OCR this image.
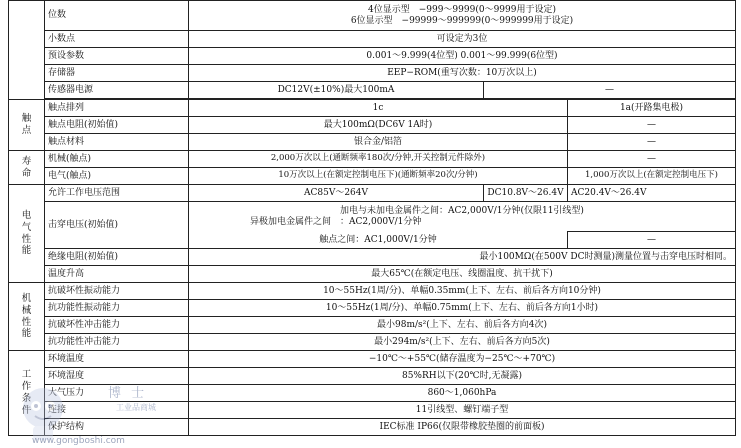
	位数	4位显示型　−999～9999(0～9999用于设定)
6位显示型　−99999～999999(0～999999用于设定)		

	小数点	可设定为3位		
	预设参数	0.001～9.999(4位型) 0.001～99.999(6位型)		
	存储器	EEP−ROM(重写次数：10万次以上)		
	传感器电源	DC12V(±10%)最大100mA	—	

触
点	触点排列	1c		1a(开路集电极)
	触点电阻(初始值)	最大100mΩ(DC6V 1A时)		—
	触点材料	银合金/铝箔		—

寿
命	机械(触点)	2,000万次以上(通断频率180次/分钟,开关控制元件除外)		—
	电气(触点)	10万次以上(在额定控制电压下)(通断频率20次/分钟)		1,000万次以上(在额定控制电压下)

电
气
性
能	允许工作电压范围	AC85V～264V	DC10.8V～26.4V	AC20.4V～26.4V
	击穿电压(初始值)	加电与未加电金属件之间：AC2,000V/1分钟(仅限11引线型)
异极加电金属件之间　：AC2,000V/1分钟		

		触点之间：AC1,000V/1分钟		—
	绝缘电阻(初始值)	最小100MΩ(在500V DC时测量)测量位置与击穿电压时相同。		
	温度升高	最大65℃(在额定电压、线圈温度、抗干扰下)		

机
械
性
能	抗破坏性振动能力	10～55Hz(1周/分)、单幅0.35mm(上下、左右、前后各方向10分钟)		
	抗功能性振动能力	10～55Hz(1周/分)、单幅0.75mm(上下、左右、前后各方向1小时)		
	抗破坏性冲击能力	最小98m/s²(上下、左右、前后各方向4次)		
	抗功能性冲击能力	最小294m/s²(上下、左右、前后各方向5次)		

工
作
条
件	环境温度	−10℃～+55℃(储存温度为−25℃～+70℃)		
	环境湿度	85%RH以下(20℃时,无凝露)		
	大气压力	860～1,060hPa		
	连接	11引线型、螺钉端子型		
	保护结构	IEC标准 IP66(仅限带橡胶垫圈的前面板)		
博 士
工业品商城
www.gongboshi.com
